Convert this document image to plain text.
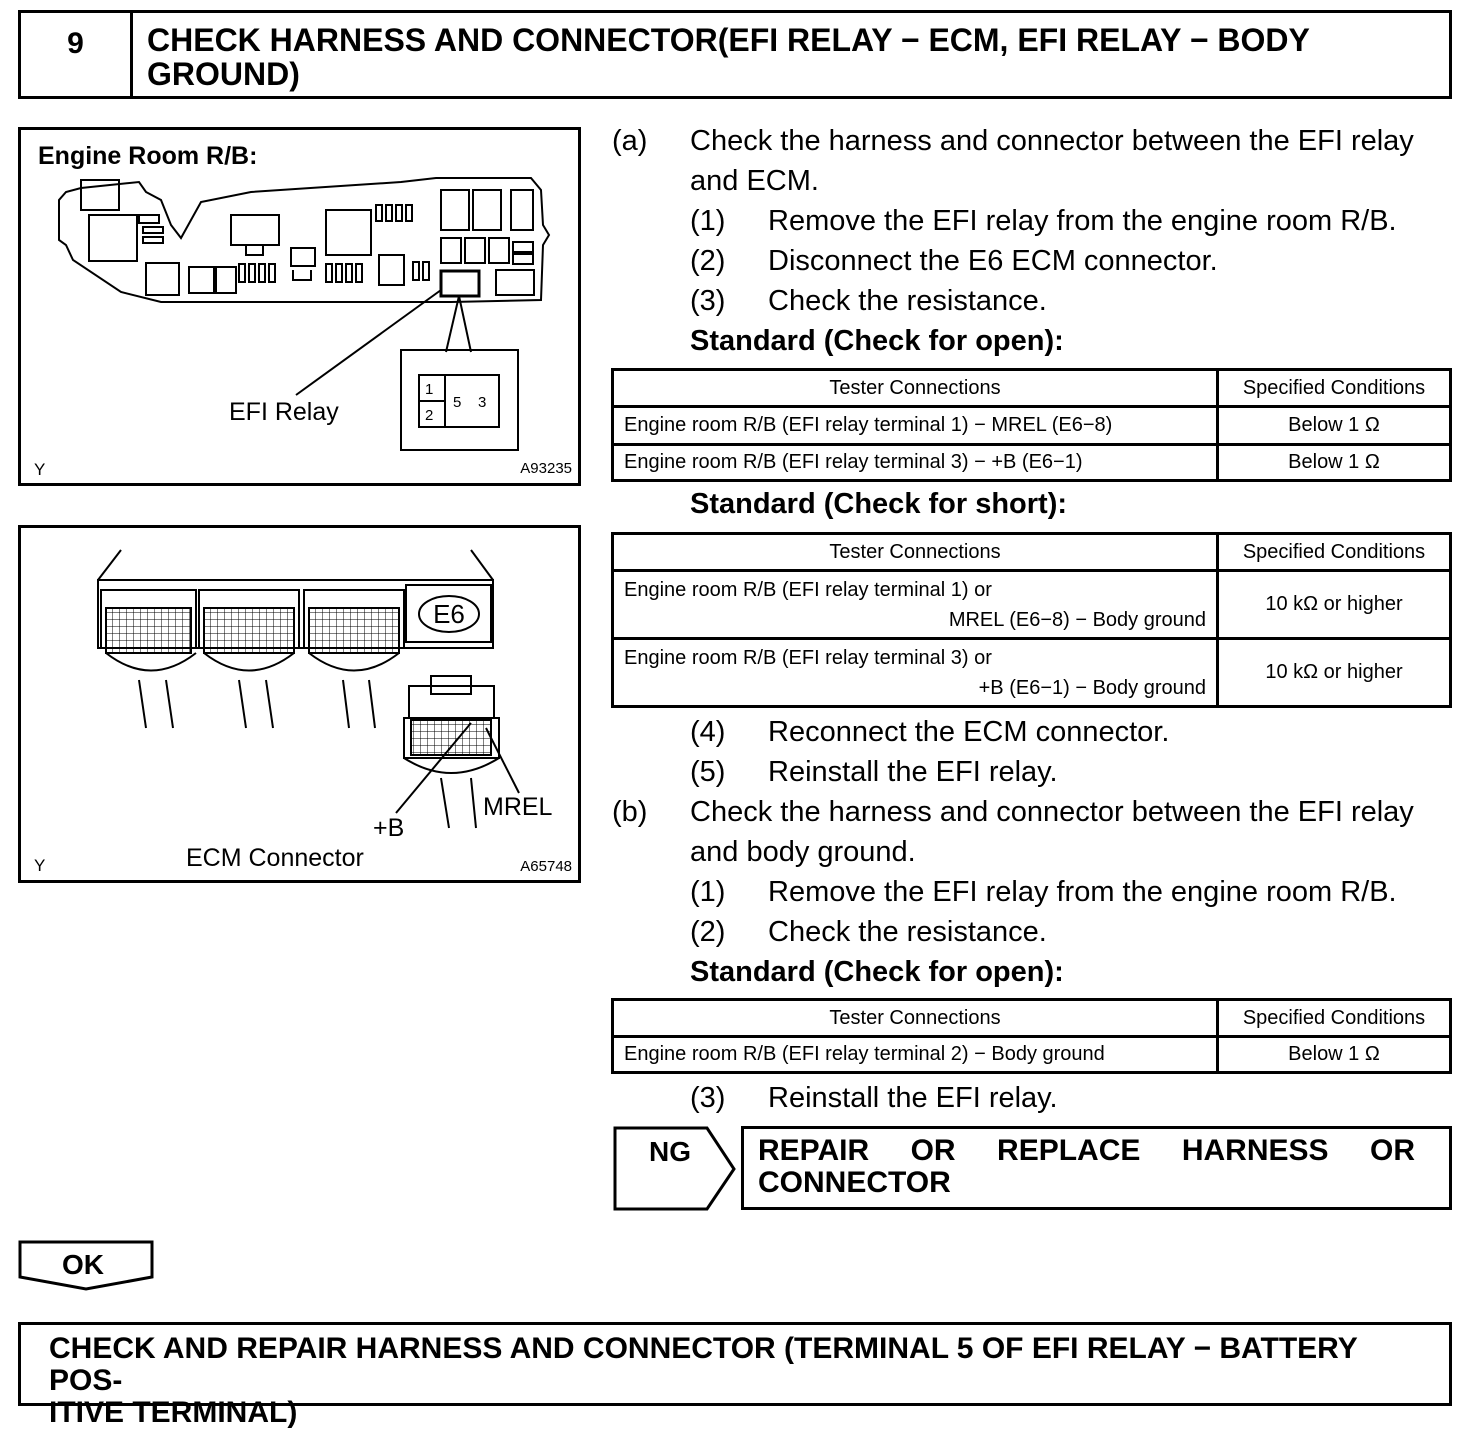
9	CHECK HARNESS AND CONNECTOR(EFI RELAY − ECM, EFI RELAY − BODY GROUND)
1
2
5 3
Engine Room R/B:
EFI Relay
Y	A93235
E6
+B
MREL
ECM Connector
Y	A65748
(a) Check the harness and connector between the EFI relay
and ECM.
(1) Remove the EFI relay from the engine room R/B.
(2) Disconnect the E6 ECM connector.
(3) Check the resistance.
Standard (Check for open):
Tester Connections	Specified Conditions
Engine room R/B (EFI relay terminal 1) − MREL (E6−8)	Below 1 Ω
Engine room R/B (EFI relay terminal 3) − +B (E6−1)	Below 1 Ω
Standard (Check for short):
Tester Connections	Specified Conditions

Engine room R/B (EFI relay terminal 1) or
MREL (E6−8) − Body ground	10 kΩ or higher

Engine room R/B (EFI relay terminal 3) or
+B (E6−1) − Body ground	10 kΩ or higher
(4) Reconnect the ECM connector.
(5) Reinstall the EFI relay.
(b) Check the harness and connector between the EFI relay
and body ground.
(1) Remove the EFI relay from the engine room R/B.
(2) Check the resistance.
Standard (Check for open):
Tester Connections	Specified Conditions
Engine room R/B (EFI relay terminal 2) − Body ground	Below 1 Ω
(3) Reinstall the EFI relay.
NG REPAIR OR REPLACE HARNESS OR
CONNECTOR
OK
CHECK AND REPAIR HARNESS AND CONNECTOR (TERMINAL 5 OF EFI RELAY − BATTERY POS-
ITIVE TERMINAL)
